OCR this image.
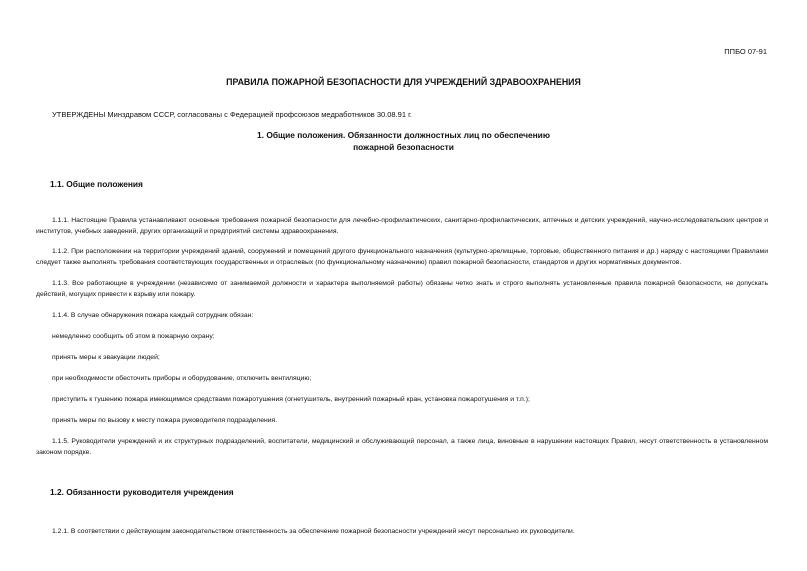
ППБО 07-91
ПРАВИЛА ПОЖАРНОЙ БЕЗОПАСНОСТИ ДЛЯ УЧРЕЖДЕНИЙ ЗДРАВООХРАНЕНИЯ
УТВЕРЖДЕНЫ Минздравом СССР, согласованы с Федерацией профсоюзов медработников 30.08.91 г.
1. Общие положения. Обязанности должностных лиц по обеспечению
пожарной безопасности
1.1. Общие положения
1.1.1. Настоящие Правила устанавливают основные требования пожарной безопасности для лечебно-профилактических, санитарно-профилактических, аптечных и детских учреждений, научно-исследовательских центров и институтов, учебных заведений, других организаций и предприятий системы здравоохранения.
1.1.2. При расположении на территории учреждений зданий, сооружений и помещений другого функционального назначения (культурно-зрелищные, торговые, общественного питания и др.) наряду с настоящими Правилами следует также выполнять требования соответствующих государственных и отраслевых (по функциональному назначению) правил пожарной безопасности, стандартов и других нормативных документов.
1.1.3. Все работающие в учреждении (независимо от занимаемой должности и характера выполняемой работы) обязаны четко знать и строго выполнять установленные правила пожарной безопасности, не допускать действий, могущих привести к взрыву или пожару.
1.1.4. В случае обнаружения пожара каждый сотрудник обязан:
немедленно сообщить об этом в пожарную охрану;
принять меры к эвакуации людей;
при необходимости обесточить приборы и оборудование, отключить вентиляцию;
приступить к тушению пожара имеющимися средствами пожаротушения (огнетушитель, внутренний пожарный кран, установка пожаротушения и т.п.);
принять меры по вызову к месту пожара руководителя подразделения.
1.1.5. Руководители учреждений и их структурных подразделений, воспитатели, медицинский и обслуживающий персонал, а также лица, виновные в нарушении настоящих Правил, несут ответственность в установленном законом порядке.
1.2. Обязанности руководителя учреждения
1.2.1. В соответствии с действующим законодательством ответственность за обеспечение пожарной безопасности учреждений несут персонально их руководители.
